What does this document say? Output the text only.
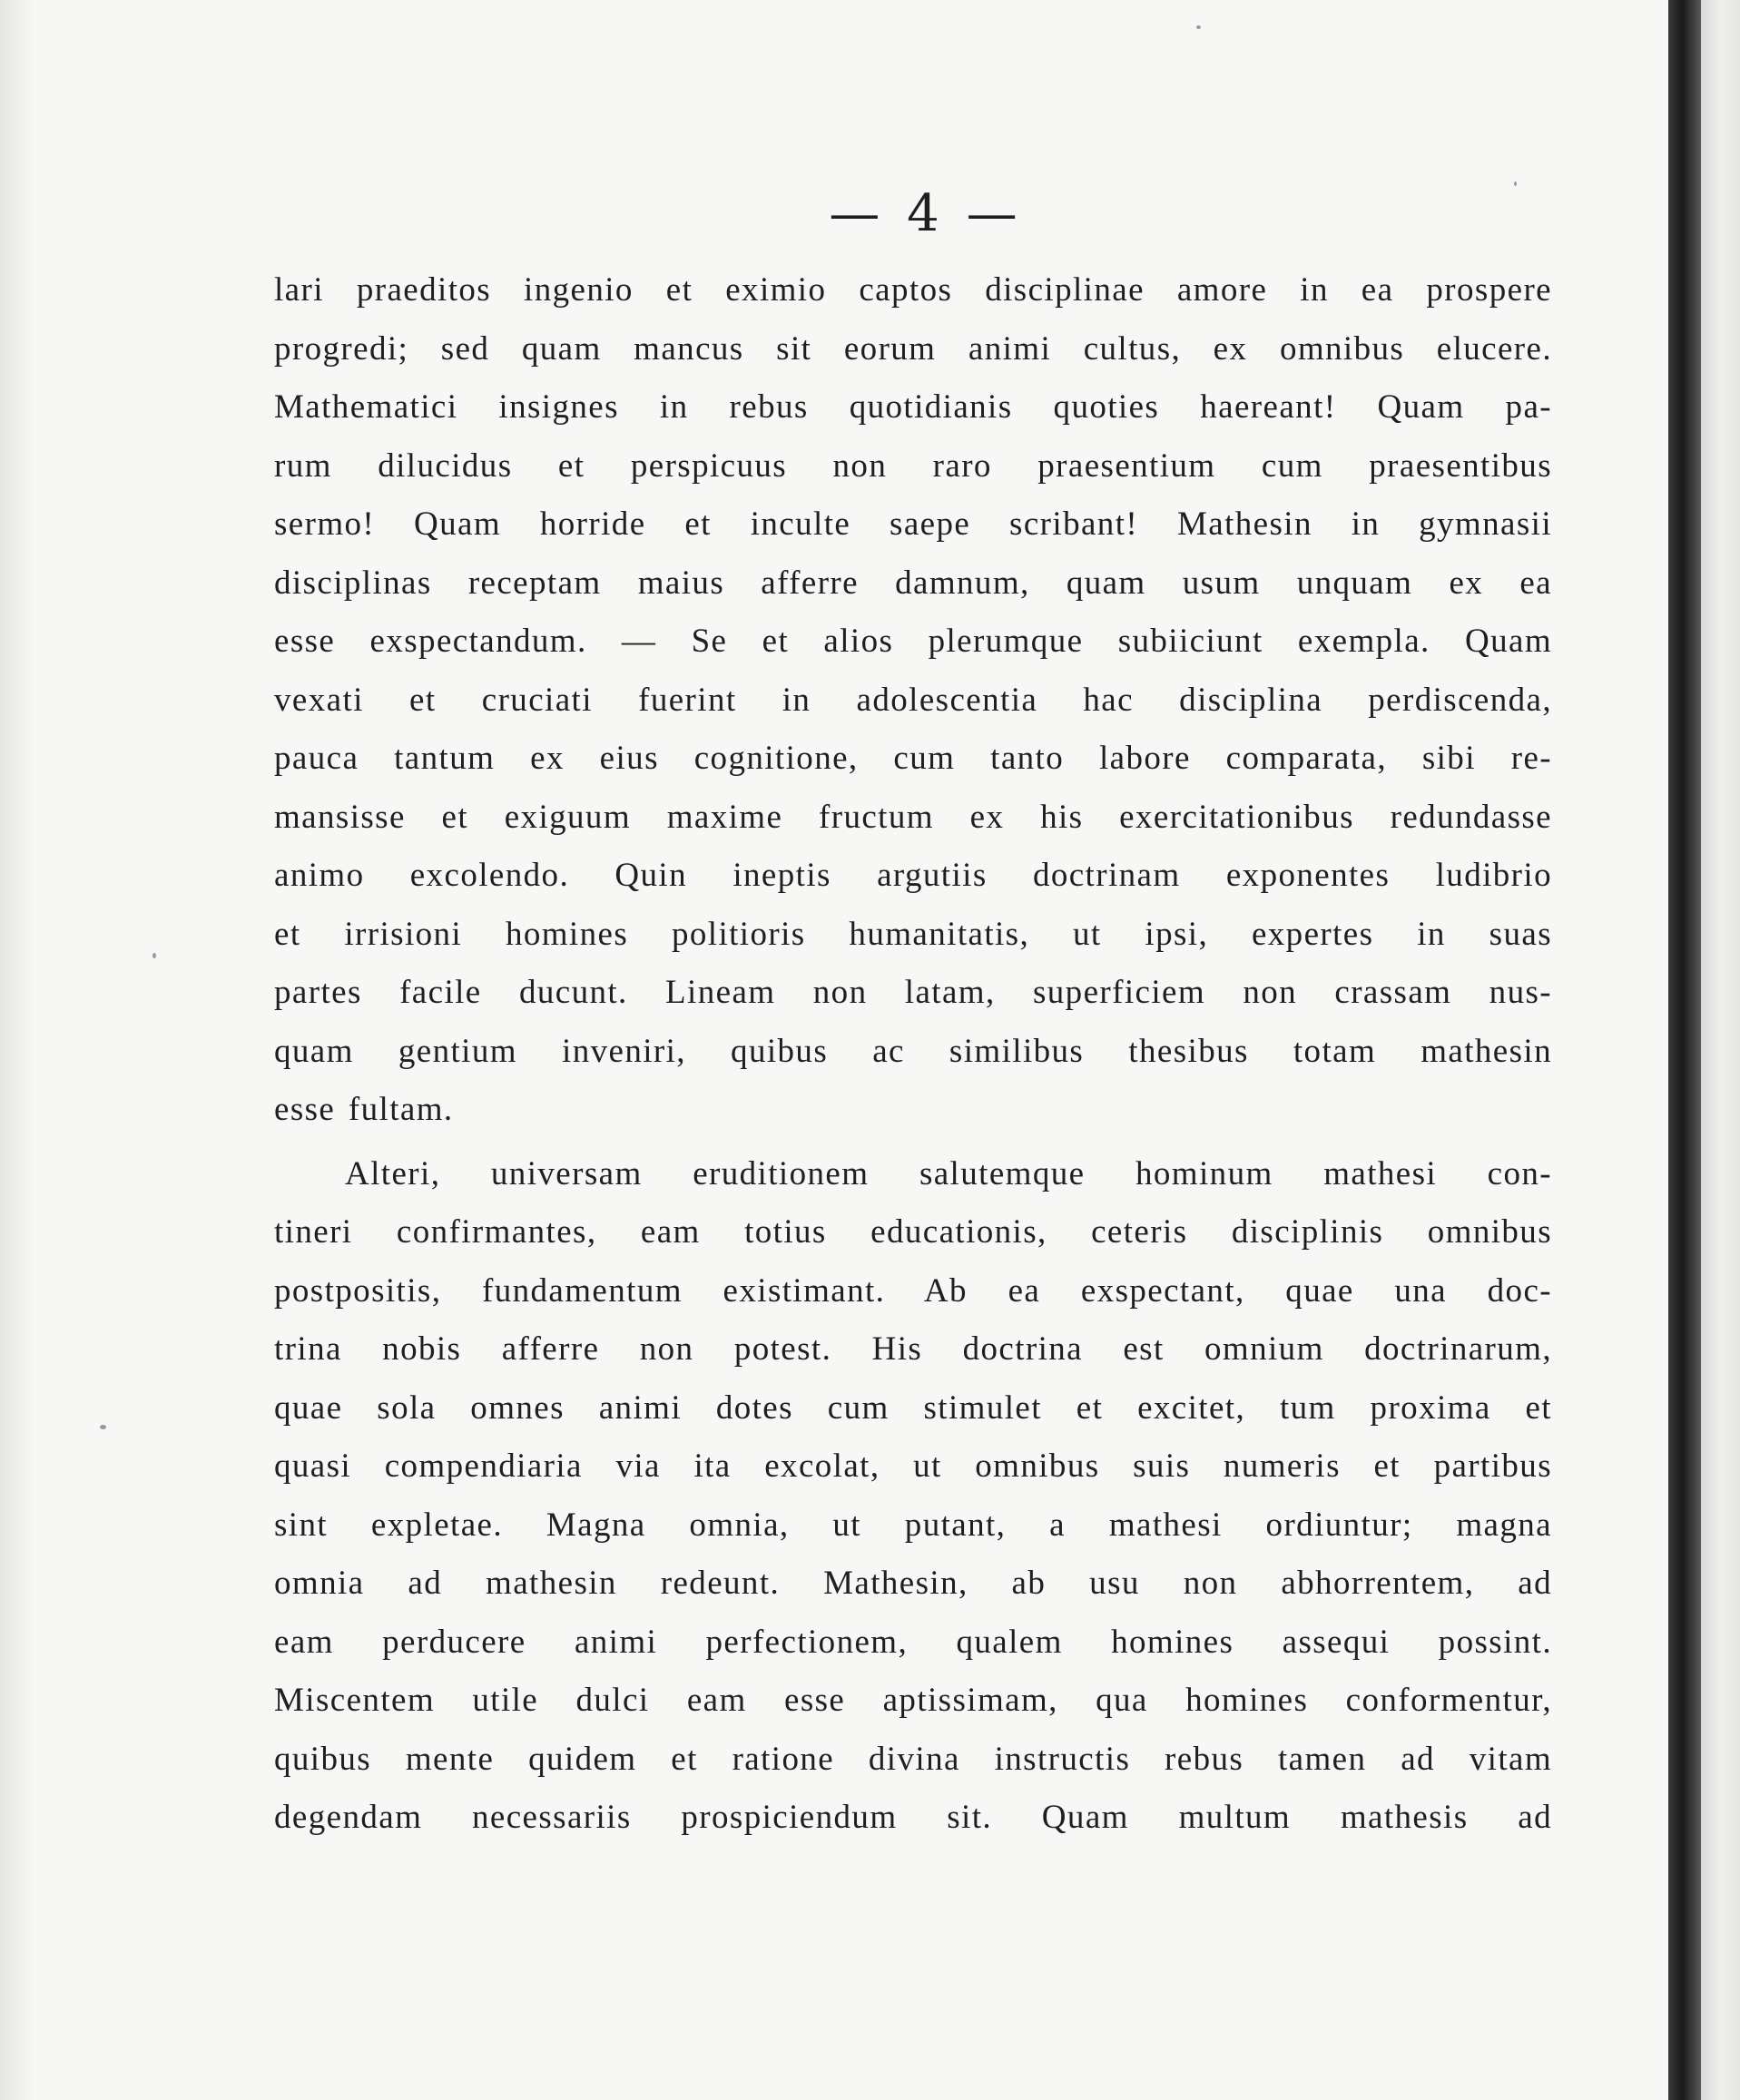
— 4 —
lari praeditos ingenio et eximio captos disciplinae amore in ea prospere
progredi; sed quam mancus sit eorum animi cultus, ex omnibus elucere.
Mathematici insignes in rebus quotidianis quoties haereant! Quam pa-
rum dilucidus et perspicuus non raro praesentium cum praesentibus
sermo! Quam horride et inculte saepe scribant! Mathesin in gymnasii
disciplinas receptam maius afferre damnum, quam usum unquam ex ea
esse exspectandum. — Se et alios plerumque subiiciunt exempla. Quam
vexati et cruciati fuerint in adolescentia hac disciplina perdiscenda,
pauca tantum ex eius cognitione, cum tanto labore comparata, sibi re-
mansisse et exiguum maxime fructum ex his exercitationibus redundasse
animo excolendo. Quin ineptis argutiis doctrinam exponentes ludibrio
et irrisioni homines politioris humanitatis, ut ipsi, expertes in suas
partes facile ducunt. Lineam non latam, superficiem non crassam nus-
quam gentium inveniri, quibus ac similibus thesibus totam mathesin
esse fultam.
Alteri, universam eruditionem salutemque hominum mathesi con-
tineri confirmantes, eam totius educationis, ceteris disciplinis omnibus
postpositis, fundamentum existimant. Ab ea exspectant, quae una doc-
trina nobis afferre non potest. His doctrina est omnium doctrinarum,
quae sola omnes animi dotes cum stimulet et excitet, tum proxima et
quasi compendiaria via ita excolat, ut omnibus suis numeris et partibus
sint expletae. Magna omnia, ut putant, a mathesi ordiuntur; magna
omnia ad mathesin redeunt. Mathesin, ab usu non abhorrentem, ad
eam perducere animi perfectionem, qualem homines assequi possint.
Miscentem utile dulci eam esse aptissimam, qua homines conformentur,
quibus mente quidem et ratione divina instructis rebus tamen ad vitam
degendam necessariis prospiciendum sit. Quam multum mathesis ad
